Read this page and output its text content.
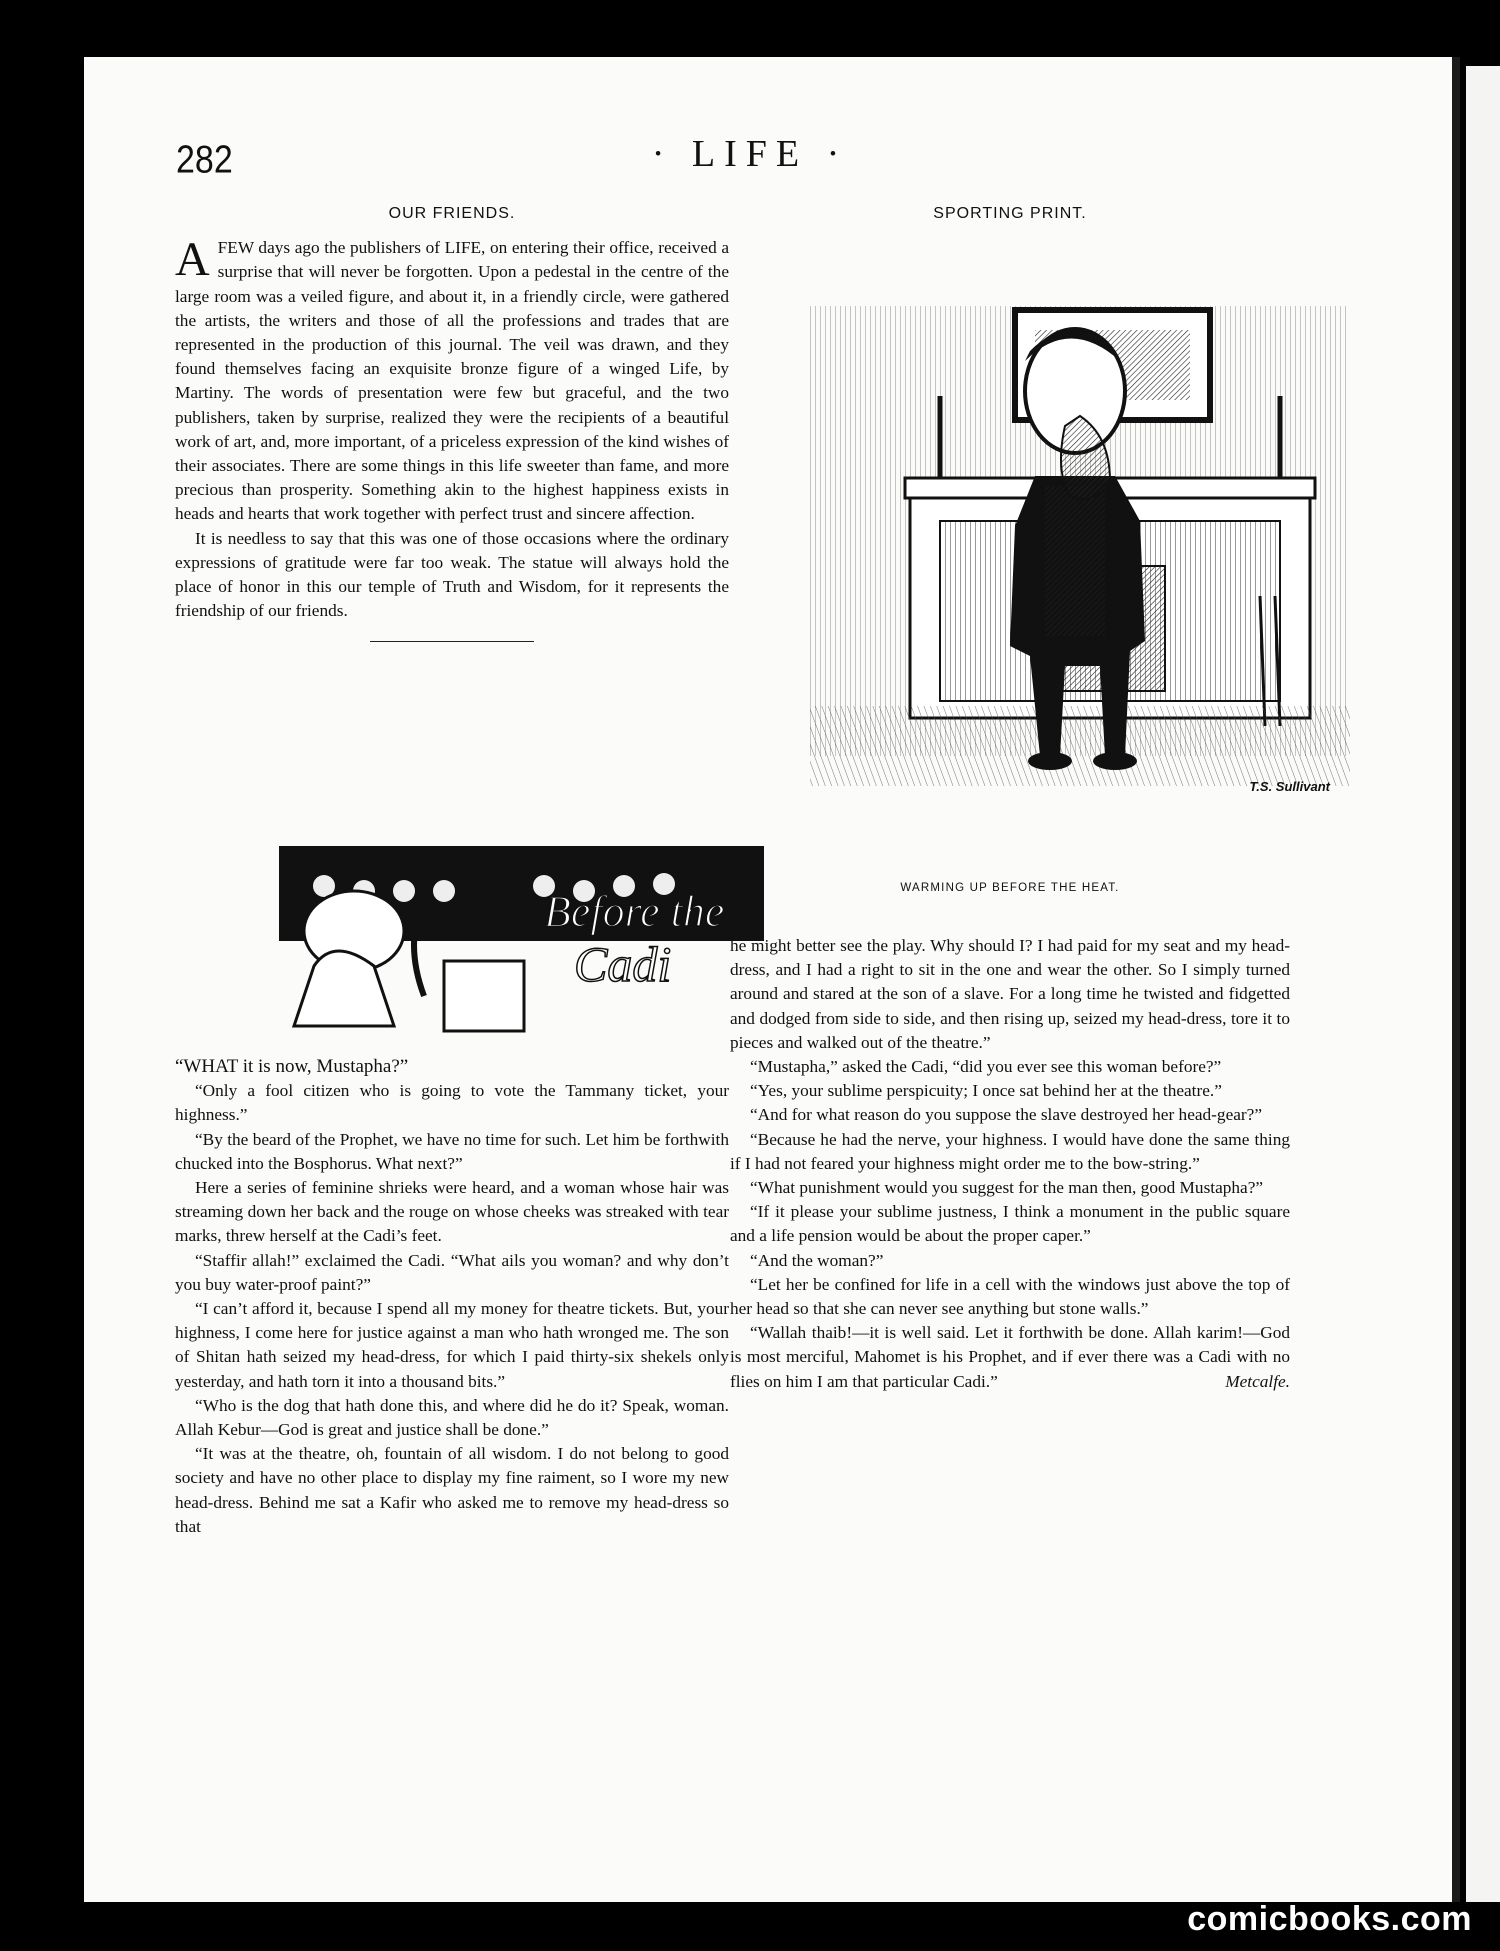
282	· LIFE ·
OUR FRIENDS.

A FEW days ago the publishers of LIFE, on entering their office, received a surprise that will never be forgotten. Upon a pedestal in the centre of the large room was a veiled figure, and about it, in a friendly circle, were gathered the artists, the writers and those of all the professions and trades that are represented in the production of this journal. The veil was drawn, and they found themselves facing an exquisite bronze figure of a winged Life, by Martiny. The words of presentation were few but graceful, and the two publishers, taken by surprise, realized they were the recipients of a beautiful work of art, and, more important, of a priceless expression of the kind wishes of their associates. There are some things in this life sweeter than fame, and more precious than prosperity. Something akin to the highest happiness exists in heads and hearts that work together with perfect trust and sincere affection.

It is needless to say that this was one of those occasions where the ordinary expressions of gratitude were far too weak. The statue will always hold the place of honor in this our temple of Truth and Wisdom, for it represents the friendship of our friends.

SPORTING PRINT.
T.S. Sullivant
WARMING UP BEFORE THE HEAT.
Before the
Cadi

“WHAT it is now, Mustapha?”

“Only a fool citizen who is going to vote the Tammany ticket, your highness.”

“By the beard of the Prophet, we have no time for such. Let him be forthwith chucked into the Bosphorus. What next?”

Here a series of feminine shrieks were heard, and a woman whose hair was streaming down her back and the rouge on whose cheeks was streaked with tear marks, threw herself at the Cadi’s feet.

“Staffir allah!” exclaimed the Cadi. “What ails you woman? and why don’t you buy water-proof paint?”

“I can’t afford it, because I spend all my money for theatre tickets. But, your highness, I come here for justice against a man who hath wronged me. The son of Shitan hath seized my head-dress, for which I paid thirty-six shekels only yesterday, and hath torn it into a thousand bits.”

“Who is the dog that hath done this, and where did he do it? Speak, woman. Allah Kebur—God is great and justice shall be done.”

“It was at the theatre, oh, fountain of all wisdom. I do not belong to good society and have no other place to display my fine raiment, so I wore my new head-dress. Behind me sat a Kafir who asked me to remove my head-dress so that

he might better see the play. Why should I? I had paid for my seat and my head-dress, and I had a right to sit in the one and wear the other. So I simply turned around and stared at the son of a slave. For a long time he twisted and fidgetted and dodged from side to side, and then rising up, seized my head-dress, tore it to pieces and walked out of the theatre.”

“Mustapha,” asked the Cadi, “did you ever see this woman before?”

“Yes, your sublime perspicuity; I once sat behind her at the theatre.”

“And for what reason do you suppose the slave destroyed her head-gear?”

“Because he had the nerve, your highness. I would have done the same thing if I had not feared your highness might order me to the bow-string.”

“What punishment would you suggest for the man then, good Mustapha?”

“If it please your sublime justness, I think a monument in the public square and a life pension would be about the proper caper.”

“And the woman?”

“Let her be confined for life in a cell with the windows just above the top of her head so that she can never see anything but stone walls.”

“Wallah thaib!—it is well said. Let it forthwith be done. Allah karim!—God is most merciful, Mahomet is his Prophet, and if ever there was a Cadi with no flies on him I am that particular Cadi.”	Metcalfe.

comicbooks.com
